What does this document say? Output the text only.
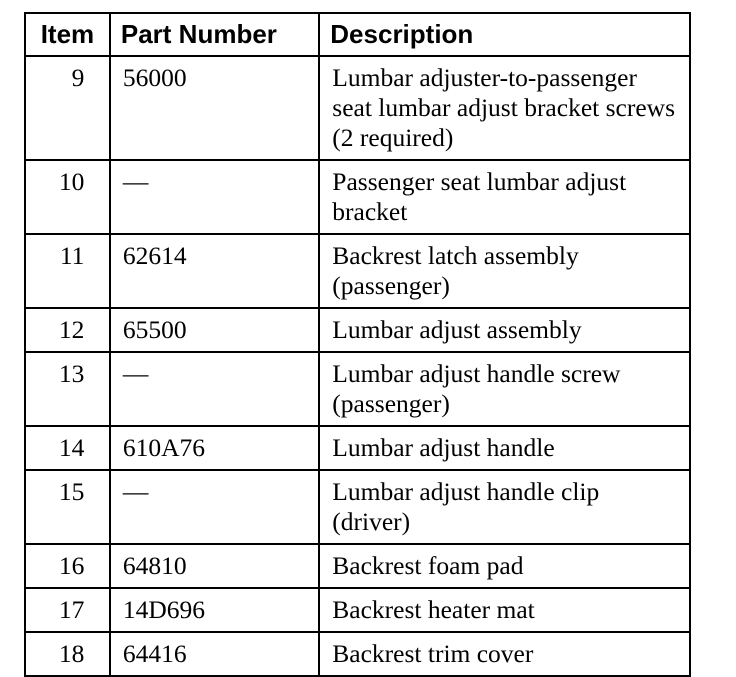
Item	Part Number	Description
9	56000	Lumbar adjuster-to-passenger seat lumbar adjust bracket screws (2 required)
10	—	Passenger seat lumbar adjust bracket
11	62614	Backrest latch assembly (passenger)
12	65500	Lumbar adjust assembly
13	—	Lumbar adjust handle screw (passenger)
14	610A76	Lumbar adjust handle
15	—	Lumbar adjust handle clip (driver)
16	64810	Backrest foam pad
17	14D696	Backrest heater mat
18	64416	Backrest trim cover
